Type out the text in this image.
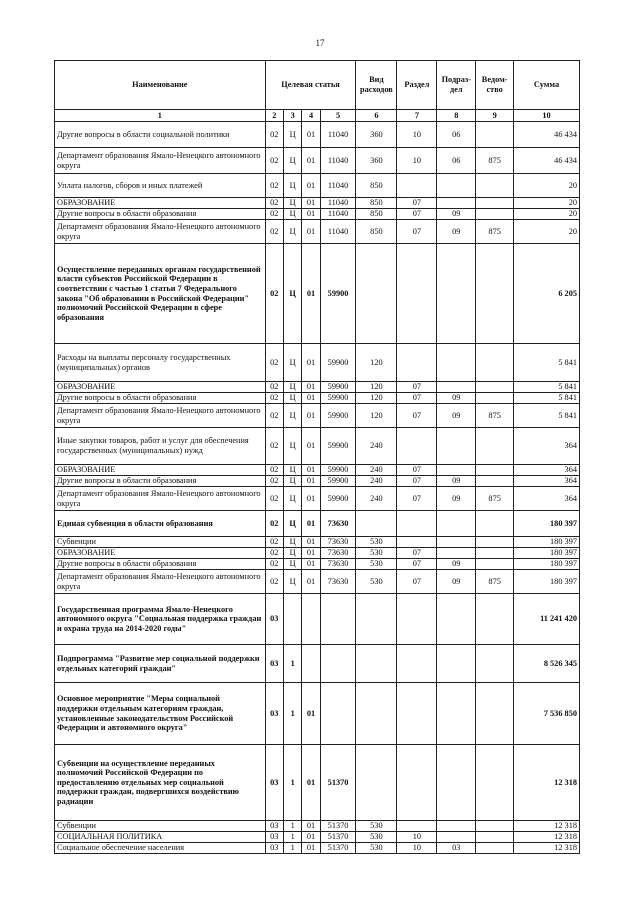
17
Наименование	Целевая статья				Вид расходов	Раздел	Подраз-дел	Ведом-ство	Сумма
1	2	3	4	5	6	7	8	9	10
Другие вопросы в области социальной политики	02	Ц	01	11040	360	10	06		46 434
Департамент образования Ямало-Ненецкого автономного округа	02	Ц	01	11040	360	10	06	875	46 434
Уплата налогов, сборов и иных платежей	02	Ц	01	11040	850				20
ОБРАЗОВАНИЕ	02	Ц	01	11040	850	07			20
Другие вопросы в области образования	02	Ц	01	11040	850	07	09		20
Департамент образования Ямало-Ненецкого автономного округа	02	Ц	01	11040	850	07	09	875	20
Осуществление переданных органам государственной власти субъектов Российской Федерации в соответствии с частью 1 статьи 7 Федерального закона "Об образовании в Российской Федерации" полномочий Российской Федерации в сфере образования	02	Ц	01	59900					6 205
Расходы на выплаты персоналу государственных (муниципальных) органов	02	Ц	01	59900	120				5 841
ОБРАЗОВАНИЕ	02	Ц	01	59900	120	07			5 841
Другие вопросы в области образования	02	Ц	01	59900	120	07	09		5 841
Департамент образования Ямало-Ненецкого автономного округа	02	Ц	01	59900	120	07	09	875	5 841
Иные закупки товаров, работ и услуг для обеспечения государственных (муниципальных) нужд	02	Ц	01	59900	240				364
ОБРАЗОВАНИЕ	02	Ц	01	59900	240	07			364
Другие вопросы в области образования	02	Ц	01	59900	240	07	09		364
Департамент образования Ямало-Ненецкого автономного округа	02	Ц	01	59900	240	07	09	875	364
Единая субвенция в области образования	02	Ц	01	73630					180 397
Субвенции	02	Ц	01	73630	530				180 397
ОБРАЗОВАНИЕ	02	Ц	01	73630	530	07			180 397
Другие вопросы в области образования	02	Ц	01	73630	530	07	09		180 397
Департамент образования Ямало-Ненецкого автономного округа	02	Ц	01	73630	530	07	09	875	180 397
Государственная программа Ямало-Ненецкого автономного округа "Социальная поддержка граждан и охрана труда на 2014-2020 годы"	03								11 241 420
Подпрограмма "Развитие мер социальной поддержки отдельных категорий граждан"	03	1							8 526 345
Основное мероприятие "Меры социальной поддержки отдельным категориям граждан, установленные законодательством Российской Федерации и автономного округа"	03	1	01						7 536 850
Субвенции на осуществление переданных полномочий Российской Федерации по предоставлению отдельных мер социальной поддержки граждан, подвергшихся воздействию радиации	03	1	01	51370					12 318
Субвенции	03	1	01	51370	530				12 318
СОЦИАЛЬНАЯ ПОЛИТИКА	03	1	01	51370	530	10			12 318
Социальное обеспечение населения	03	1	01	51370	530	10	03		12 318
